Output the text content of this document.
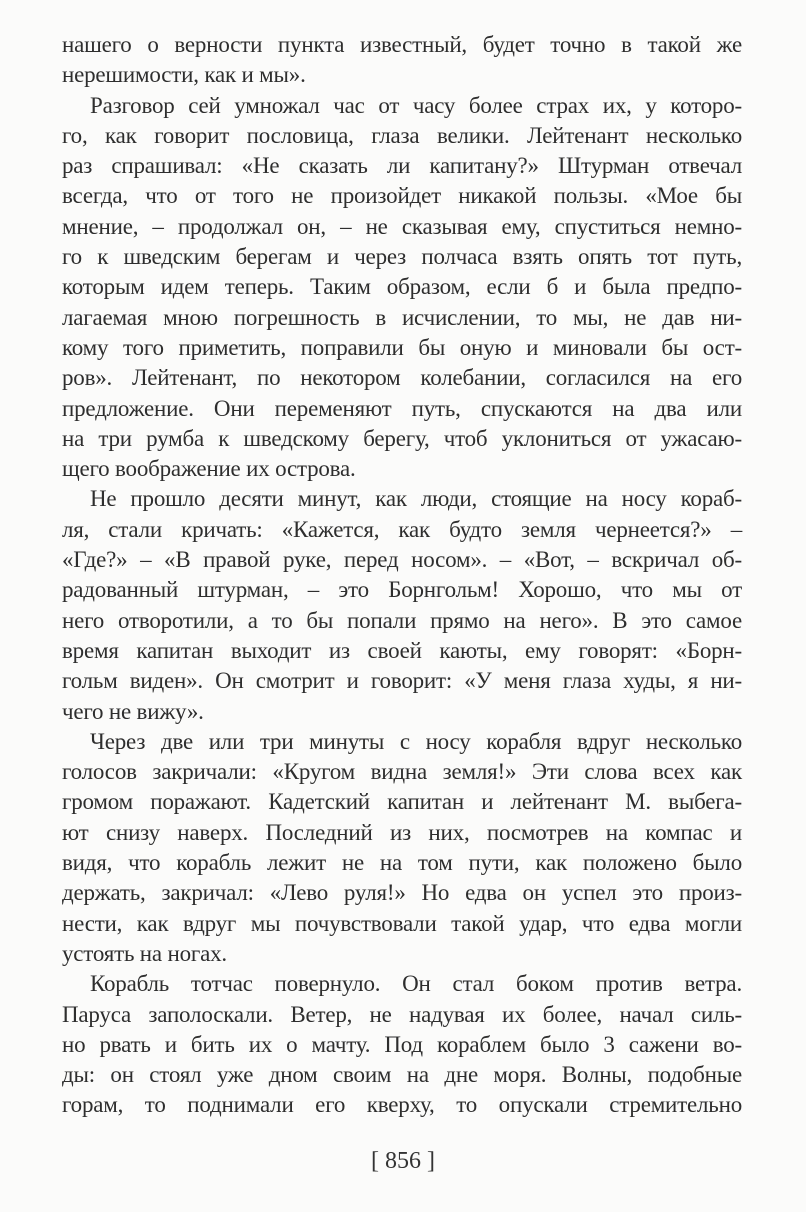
нашего о верности пункта известный, будет точно в такой же
нерешимости, как и мы».
Разговор сей умножал час от часу более страх их, у которо-
го, как говорит пословица, глаза велики. Лейтенант несколько
раз спрашивал: «Не сказать ли капитану?» Штурман отвечал
всегда, что от того не произойдет никакой пользы. «Мое бы
мнение, – продолжал он, – не сказывая ему, спуститься немно-
го к шведским берегам и через полчаса взять опять тот путь,
которым идем теперь. Таким образом, если б и была предпо-
лагаемая мною погрешность в исчислении, то мы, не дав ни-
кому того приметить, поправили бы оную и миновали бы ост-
ров». Лейтенант, по некотором колебании, согласился на его
предложение. Они переменяют путь, спускаются на два или
на три румба к шведскому берегу, чтоб уклониться от ужасаю-
щего воображение их острова.
Не прошло десяти минут, как люди, стоящие на носу кораб-
ля, стали кричать: «Кажется, как будто земля чернеется?» –
«Где?» – «В правой руке, перед носом». – «Вот, – вскричал об-
радованный штурман, – это Борнгольм! Хорошо, что мы от
него отворотили, а то бы попали прямо на него». В это самое
время капитан выходит из своей каюты, ему говорят: «Борн-
гольм виден». Он смотрит и говорит: «У меня глаза худы, я ни-
чего не вижу».
Через две или три минуты с носу корабля вдруг несколько
голосов закричали: «Кругом видна земля!» Эти слова всех как
громом поражают. Кадетский капитан и лейтенант М. выбега-
ют снизу наверх. Последний из них, посмотрев на компас и
видя, что корабль лежит не на том пути, как положено было
держать, закричал: «Лево руля!» Но едва он успел это произ-
нести, как вдруг мы почувствовали такой удар, что едва могли
устоять на ногах.
Корабль тотчас повернуло. Он стал боком против ветра.
Паруса заполоскали. Ветер, не надувая их более, начал силь-
но рвать и бить их о мачту. Под кораблем было 3 сажени во-
ды: он стоял уже дном своим на дне моря. Волны, подобные
горам, то поднимали его кверху, то опускали стремительно
[ 856 ]
